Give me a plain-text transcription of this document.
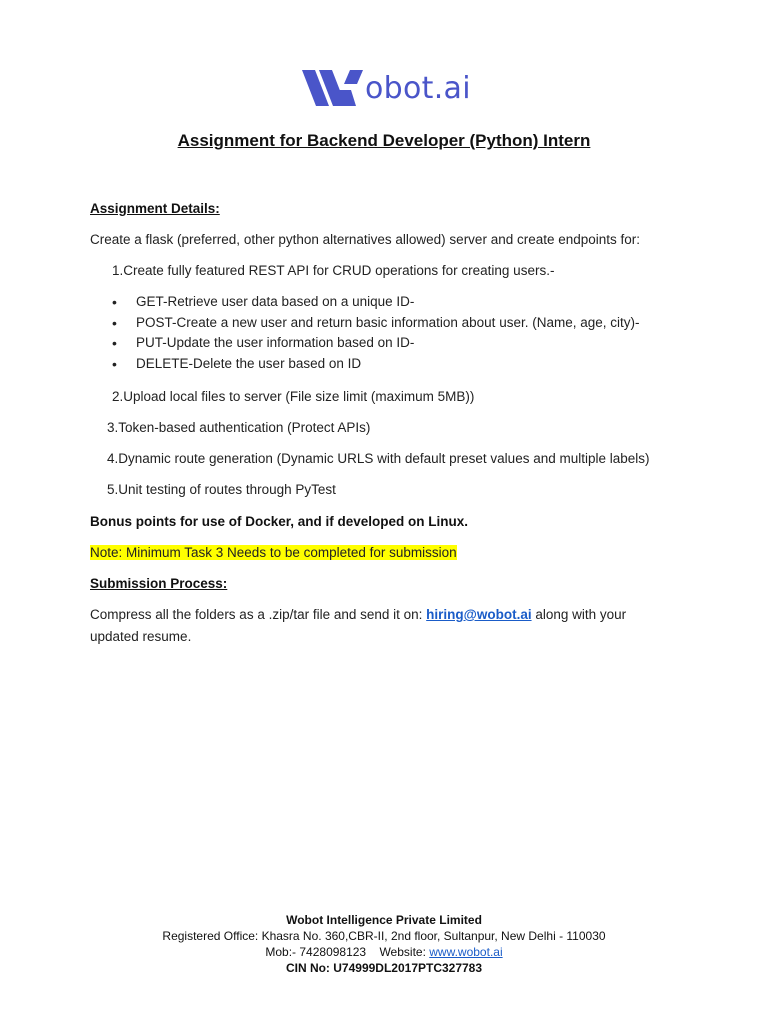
obot.ai
Assignment for Backend Developer (Python) Intern
Assignment Details:
Create a flask (preferred, other python alternatives allowed) server and create endpoints for:
1.Create fully featured REST API for CRUD operations for creating users.-
• GET-Retrieve user data based on a unique ID-
• POST-Create a new user and return basic information about user. (Name, age, city)-
• PUT-Update the user information based on ID-
• DELETE-Delete the user based on ID
2.Upload local files to server (File size limit (maximum 5MB))
3.Token-based authentication (Protect APIs)
4.Dynamic route generation (Dynamic URLS with default preset values and multiple labels)
5.Unit testing of routes through PyTest
Bonus points for use of Docker, and if developed on Linux.
Note: Minimum Task 3 Needs to be completed for submission
Submission Process:
Compress all the folders as a .zip/tar file and send it on: hiring@wobot.ai along with your
updated resume.
Wobot Intelligence Private Limited
Registered Office: Khasra No. 360,CBR-II, 2nd floor, Sultanpur, New Delhi - 110030
Mob:- 7428098123    Website: www.wobot.ai
CIN No: U74999DL2017PTC327783
